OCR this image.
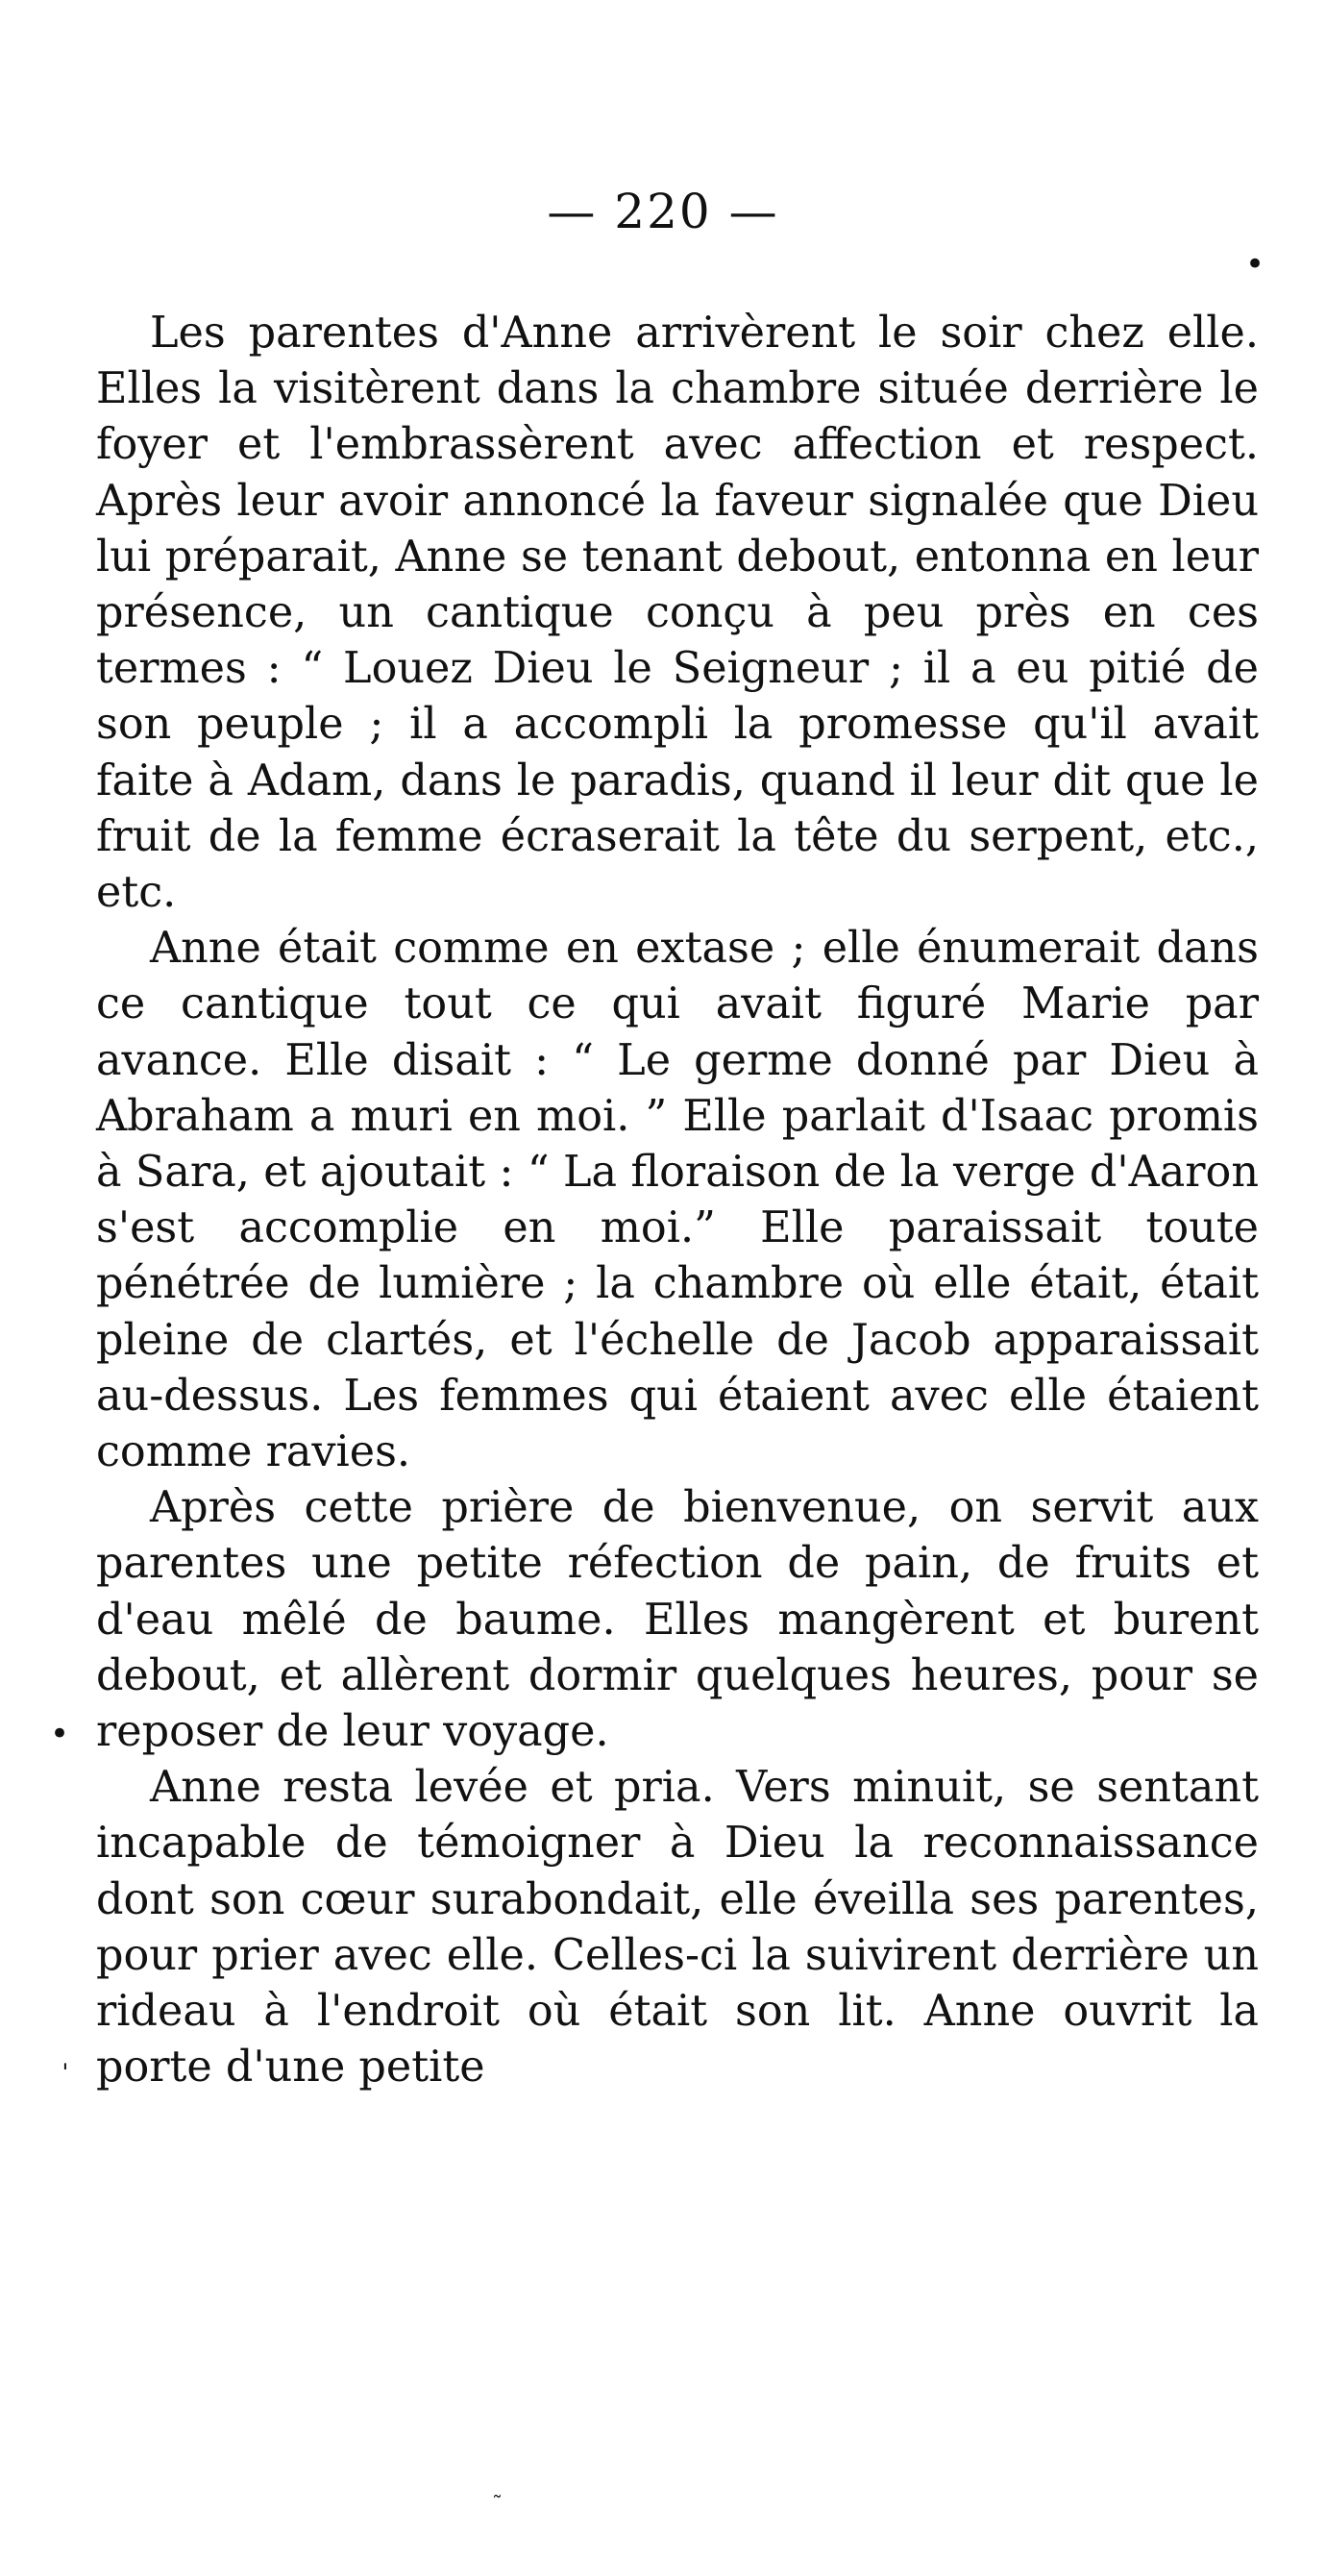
— 220 —
•
•
ˈ
˜

Les parentes d'Anne arrivèrent le soir chez elle. Elles la visitèrent dans la chambre située derrière le foyer et l'embrassèrent avec affection et respect. Après leur avoir annoncé la faveur signalée que Dieu lui préparait, Anne se tenant debout, entonna en leur présence, un cantique conçu à peu près en ces termes : “ Louez Dieu le Seigneur ; il a eu pitié de son peuple ; il a accompli la promesse qu'il avait faite à Adam, dans le paradis, quand il leur dit que le fruit de la femme écraserait la tête du serpent, etc., etc.

Anne était comme en extase ; elle énumerait dans ce cantique tout ce qui avait figuré Marie par avance. Elle disait : “ Le germe donné par Dieu à Abraham a muri en moi. ” Elle parlait d'Isaac promis à Sara, et ajoutait : “ La floraison de la verge d'Aaron s'est accomplie en moi.” Elle paraissait toute pénétrée de lumière ; la chambre où elle était, était pleine de clartés, et l'échelle de Jacob apparaissait au-dessus. Les femmes qui étaient avec elle étaient comme ravies.

Après cette prière de bienvenue, on servit aux parentes une petite réfection de pain, de fruits et d'eau mêlé de baume. Elles mangèrent et burent debout, et allèrent dormir quelques heures, pour se reposer de leur voyage.

Anne resta levée et pria. Vers minuit, se sentant incapable de témoigner à Dieu la reconnaissance dont son cœur surabondait, elle éveilla ses parentes, pour prier avec elle. Celles-ci la suivirent derrière un rideau à l'endroit où était son lit. Anne ouvrit la porte d'une petite
